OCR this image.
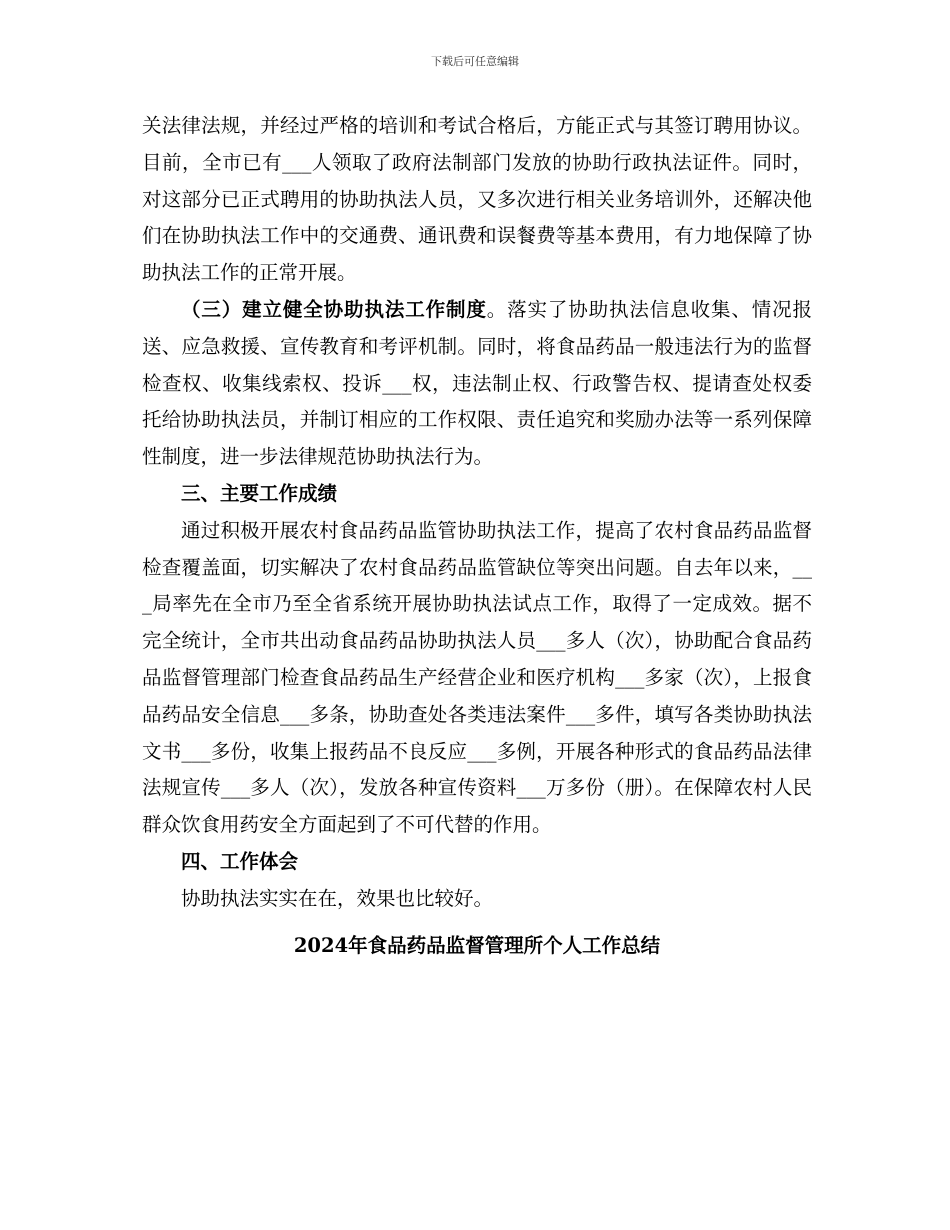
下载后可任意编辑

关法律法规，并经过严格的培训和考试合格后，方能正式与其签订聘用协议。目前，全市已有___人领取了政府法制部门发放的协助行政执法证件。同时，对这部分已正式聘用的协助执法人员，又多次进行相关业务培训外，还解决他们在协助执法工作中的交通费、通讯费和误餐费等基本费用，有力地保障了协助执法工作的正常开展。

（三）建立健全协助执法工作制度。落实了协助执法信息收集、情况报送、应急救援、宣传教育和考评机制。同时，将食品药品一般违法行为的监督检查权、收集线索权、投诉___权，违法制止权、行政警告权、提请查处权委托给协助执法员，并制订相应的工作权限、责任追究和奖励办法等一系列保障性制度，进一步法律规范协助执法行为。

三、主要工作成绩

通过积极开展农村食品药品监管协助执法工作，提高了农村食品药品监督检查覆盖面，切实解决了农村食品药品监管缺位等突出问题。自去年以来，___局率先在全市乃至全省系统开展协助执法试点工作，取得了一定成效。据不完全统计，全市共出动食品药品协助执法人员___多人（次），协助配合食品药品监督管理部门检查食品药品生产经营企业和医疗机构___多家（次），上报食品药品安全信息___多条，协助查处各类违法案件___多件，填写各类协助执法文书___多份，收集上报药品不良反应___多例，开展各种形式的食品药品法律法规宣传___多人（次），发放各种宣传资料___万多份（册）。在保障农村人民群众饮食用药安全方面起到了不可代替的作用。

四、工作体会

协助执法实实在在，效果也比较好。

2024年食品药品监督管理所个人工作总结
